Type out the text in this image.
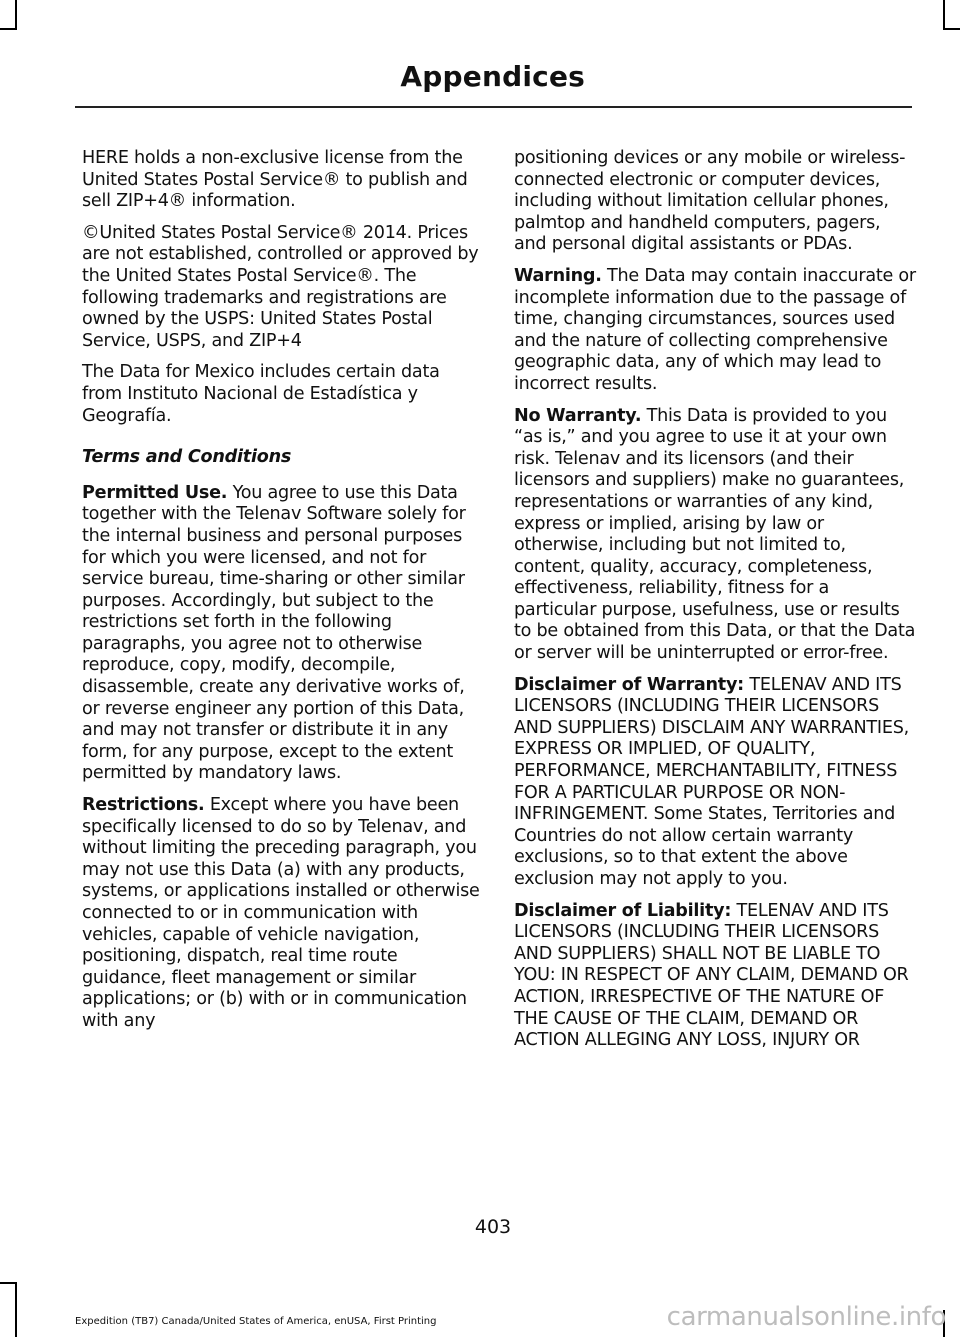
Appendices

HERE holds a non-exclusive license from the United States Postal Service® to publish and sell ZIP+4® information.

©United States Postal Service® 2014. Prices are not established, controlled or approved by the United States Postal Service®. The following trademarks and registrations are owned by the USPS: United States Postal Service, USPS, and ZIP+4

The Data for Mexico includes certain data from Instituto Nacional de Estadística y Geografía.

Terms and Conditions

Permitted Use. You agree to use this Data together with the Telenav Software solely for the internal business and personal purposes for which you were licensed, and not for service bureau, time-sharing or other similar purposes. Accordingly, but subject to the restrictions set forth in the following paragraphs, you agree not to otherwise reproduce, copy, modify, decompile, disassemble, create any derivative works of, or reverse engineer any portion of this Data, and may not transfer or distribute it in any form, for any purpose, except to the extent permitted by mandatory laws.

Restrictions. Except where you have been specifically licensed to do so by Telenav, and without limiting the preceding paragraph, you may not use this Data (a) with any products, systems, or applications installed or otherwise connected to or in communication with vehicles, capable of vehicle navigation, positioning, dispatch, real time route guidance, fleet management or similar applications; or (b) with or in communication with any

positioning devices or any mobile or wireless-connected electronic or computer devices, including without limitation cellular phones, palmtop and handheld computers, pagers, and personal digital assistants or PDAs.

Warning. The Data may contain inaccurate or incomplete information due to the passage of time, changing circumstances, sources used and the nature of collecting comprehensive geographic data, any of which may lead to incorrect results.

No Warranty. This Data is provided to you “as is,” and you agree to use it at your own risk. Telenav and its licensors (and their licensors and suppliers) make no guarantees, representations or warranties of any kind, express or implied, arising by law or otherwise, including but not limited to, content, quality, accuracy, completeness, effectiveness, reliability, fitness for a particular purpose, usefulness, use or results to be obtained from this Data, or that the Data or server will be uninterrupted or error-free.

Disclaimer of Warranty: TELENAV AND ITS LICENSORS (INCLUDING THEIR LICENSORS AND SUPPLIERS) DISCLAIM ANY WARRANTIES, EXPRESS OR IMPLIED, OF QUALITY, PERFORMANCE, MERCHANTABILITY, FITNESS FOR A PARTICULAR PURPOSE OR NON-INFRINGEMENT. Some States, Territories and Countries do not allow certain warranty exclusions, so to that extent the above exclusion may not apply to you.

Disclaimer of Liability: TELENAV AND ITS LICENSORS (INCLUDING THEIR LICENSORS AND SUPPLIERS) SHALL NOT BE LIABLE TO YOU: IN RESPECT OF ANY CLAIM, DEMAND OR ACTION, IRRESPECTIVE OF THE NATURE OF THE CAUSE OF THE CLAIM, DEMAND OR ACTION ALLEGING ANY LOSS, INJURY OR

403
Expedition (TB7) Canada/United States of America, enUSA, First Printing	carmanualsonline.info
